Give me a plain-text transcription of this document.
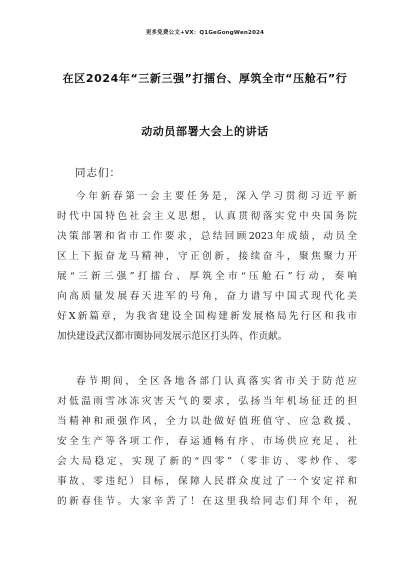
更多免费公文+VX：Q1GeGongWen2024
在区2024年“三新三强”打擂台、厚筑全市“压舱石”行
动动员部署大会上的讲话
同志们：
今年新春第一会主要任务是，深入学习贯彻习近平新
时代中国特色社会主义思想，认真贯彻落实党中央国务院
决策部署和省市工作要求，总结回顾2023年成绩，动员全
区上下振奋龙马精神，守正创新，接续奋斗，聚焦聚力开
展“三新三强”打擂台、厚筑全市“压舱石”行动，奏响
向高质量发展春天进军的号角，奋力谱写中国式现代化美
好X新篇章，为我省建设全国构建新发展格局先行区和我市
加快建设武汉都市圈协同发展示范区打头阵、作贡献。
春节期间，全区各地各部门认真落实省市关于防范应
对低温雨雪冰冻灾害天气的要求，弘扬当年机场征迁的担
当精神和顽强作风，全力以赴做好值班值守、应急救援、
安全生产等各项工作，春运通畅有序、市场供应充足、社
会大局稳定，实现了新的“四零”（零非访、零炒作、零
事故、零违纪）目标，保障人民群众度过了一个安定祥和
的新春佳节。大家辛苦了！在这里我给同志们拜个年，祝
